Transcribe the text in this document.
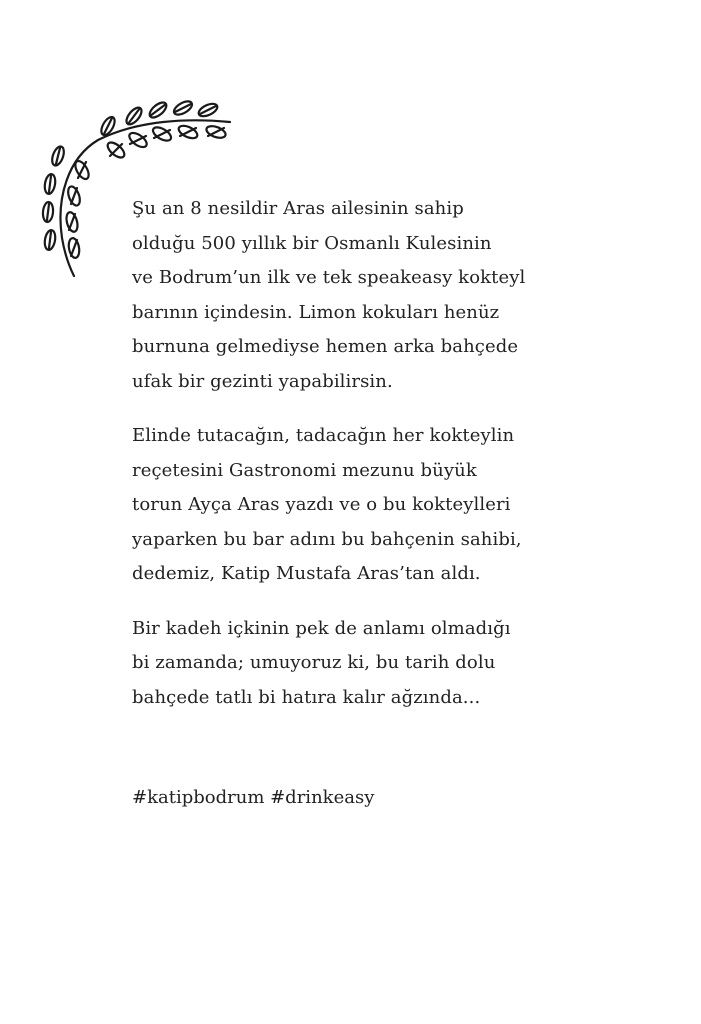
Şu an 8 nesildir Aras ailesinin sahip
olduğu 500 yıllık bir Osmanlı Kulesinin
ve Bodrum’un ilk ve tek speakeasy kokteyl
barının içindesin. Limon kokuları henüz
burnuna gelmediyse hemen arka bahçede
ufak bir gezinti yapabilirsin.

Elinde tutacağın, tadacağın her kokteylin
reçetesini Gastronomi mezunu büyük
torun Ayça Aras yazdı ve o bu kokteylleri
yaparken bu bar adını bu bahçenin sahibi,
dedemiz, Katip Mustafa Aras’tan aldı.

Bir kadeh içkinin pek de anlamı olmadığı
bi zamanda; umuyoruz ki, bu tarih dolu
bahçede tatlı bi hatıra kalır ağzında...

#katipbodrum #drinkeasy
